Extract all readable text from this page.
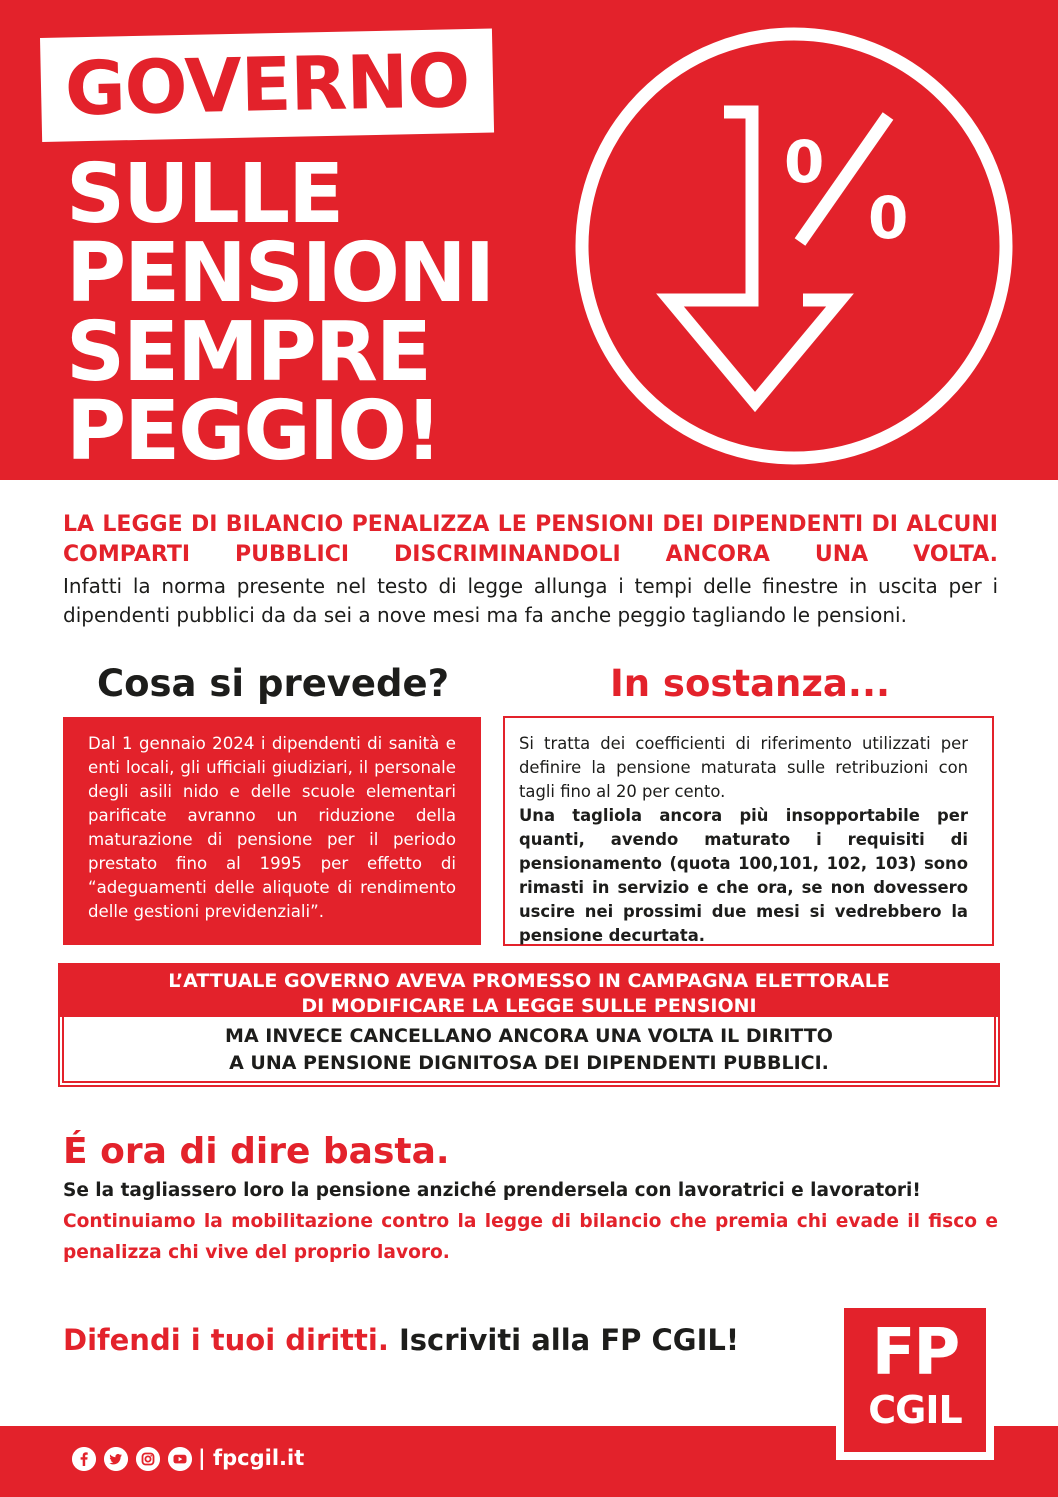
GOVERNO
SULLE
PENSIONI
SEMPRE
PEGGIO!
0
0
LA LEGGE DI BILANCIO PENALIZZA LE PENSIONI DEI DIPENDENTI DI ALCUNI COMPARTI PUBBLICI DISCRIMINANDOLI ANCORA UNA VOLTA.
Infatti la norma presente nel testo di legge allunga i tempi delle finestre in uscita per i dipendenti pubblici da da sei a nove mesi ma fa anche peggio tagliando le pensioni.
Cosa si prevede?	In sostanza...

Dal 1 gennaio 2024 i dipendenti di sanità e enti locali, gli ufficiali giudiziari, il personale degli asili nido e delle scuole elementari parificate avranno un riduzione della maturazione di pensione per il periodo prestato fino al 1995 per effetto di “adeguamenti delle aliquote di rendimento delle gestioni previdenziali”.

Si tratta dei coefficienti di riferimento utilizzati per definire la pensione maturata sulle retribuzioni con tagli fino al 20 per cento.

Una tagliola ancora più insopportabile per quanti, avendo maturato i requisiti di pensionamento (quota 100,101, 102, 103) sono rimasti in servizio e che ora, se non dovessero uscire nei prossimi due mesi si vedrebbero la pensione decurtata.

L’ATTUALE GOVERNO AVEVA PROMESSO IN CAMPAGNA ELETTORALE
DI MODIFICARE LA LEGGE SULLE PENSIONI
MA INVECE CANCELLANO ANCORA UNA VOLTA IL DIRITTO
A UNA PENSIONE DIGNITOSA DEI DIPENDENTI PUBBLICI.
É ora di dire basta.
Se la tagliassero loro la pensione anziché prendersela con lavoratrici e lavoratori!
Continuiamo la mobilitazione contro la legge di bilancio che premia chi evade il fisco e penalizza chi vive del proprio lavoro.
Difendi i tuoi diritti. Iscriviti alla FP CGIL!
| fpcgil.it
FP
CGIL
